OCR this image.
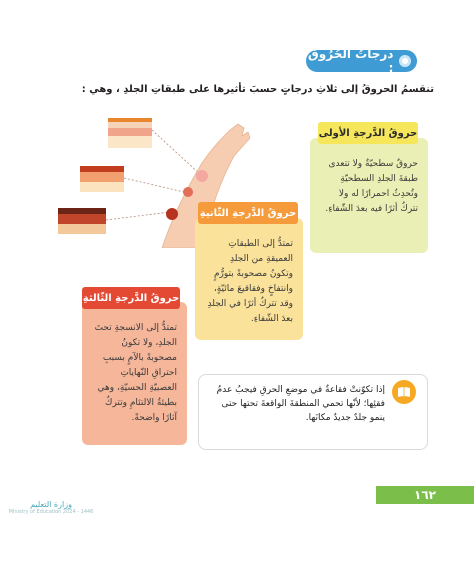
درجاتُ الحُرُوق :
تنقسمُ الحروقُ إلى ثلاثِ درجاتٍ حسبَ تأثيرها على طبقاتِ الجلدِ ، وهي :
حروقٌ سطحيّةٌ ولا تتعدى طبقةَ الجلدِ السطحيّةِ وتُحدِثُ احمرارًا له ولا تتركُ أثرًا فيه بعدَ الشّفاءِ.
حروقُ الدَّرجةِ الأولى
تمتدُّ إلى الطبقاتِ العميقةِ من الجلدِ وتكونُ مصحوبةً بتورُّمٍ وانتفاخٍ وفقاقيعَ مائيّةٍ، وقد تتركُ أثرًا في الجلدِ بعدَ الشّفاءِ.
حروقُ الدَّرجةِ الثّانيةِ
تمتدُّ إلى الانسجةِ تحتَ الجلدِ، ولا تكونُ مصحوبةً بالآمٍ بسببِ احتراقِ النّهاياتِ العصبيّةِ الحسيّةِ، وهي بطيئةُ الالتئامِ وتتركُ آثارًا واضحةً.
حروقُ الدَّرجةِ الثّالثةِ
إذا تكوّنتْ فقاعةٌ في موضعِ الحرقِ فيجبُ عدمُ فقئِها؛ لأنّها تحمي المنطقةَ الواقعةَ تحتها حتى ينمو جلدٌ جديدٌ مكانَها.
١٦٢
وزارة التعليم
Ministry of Education 2024 - 1446
